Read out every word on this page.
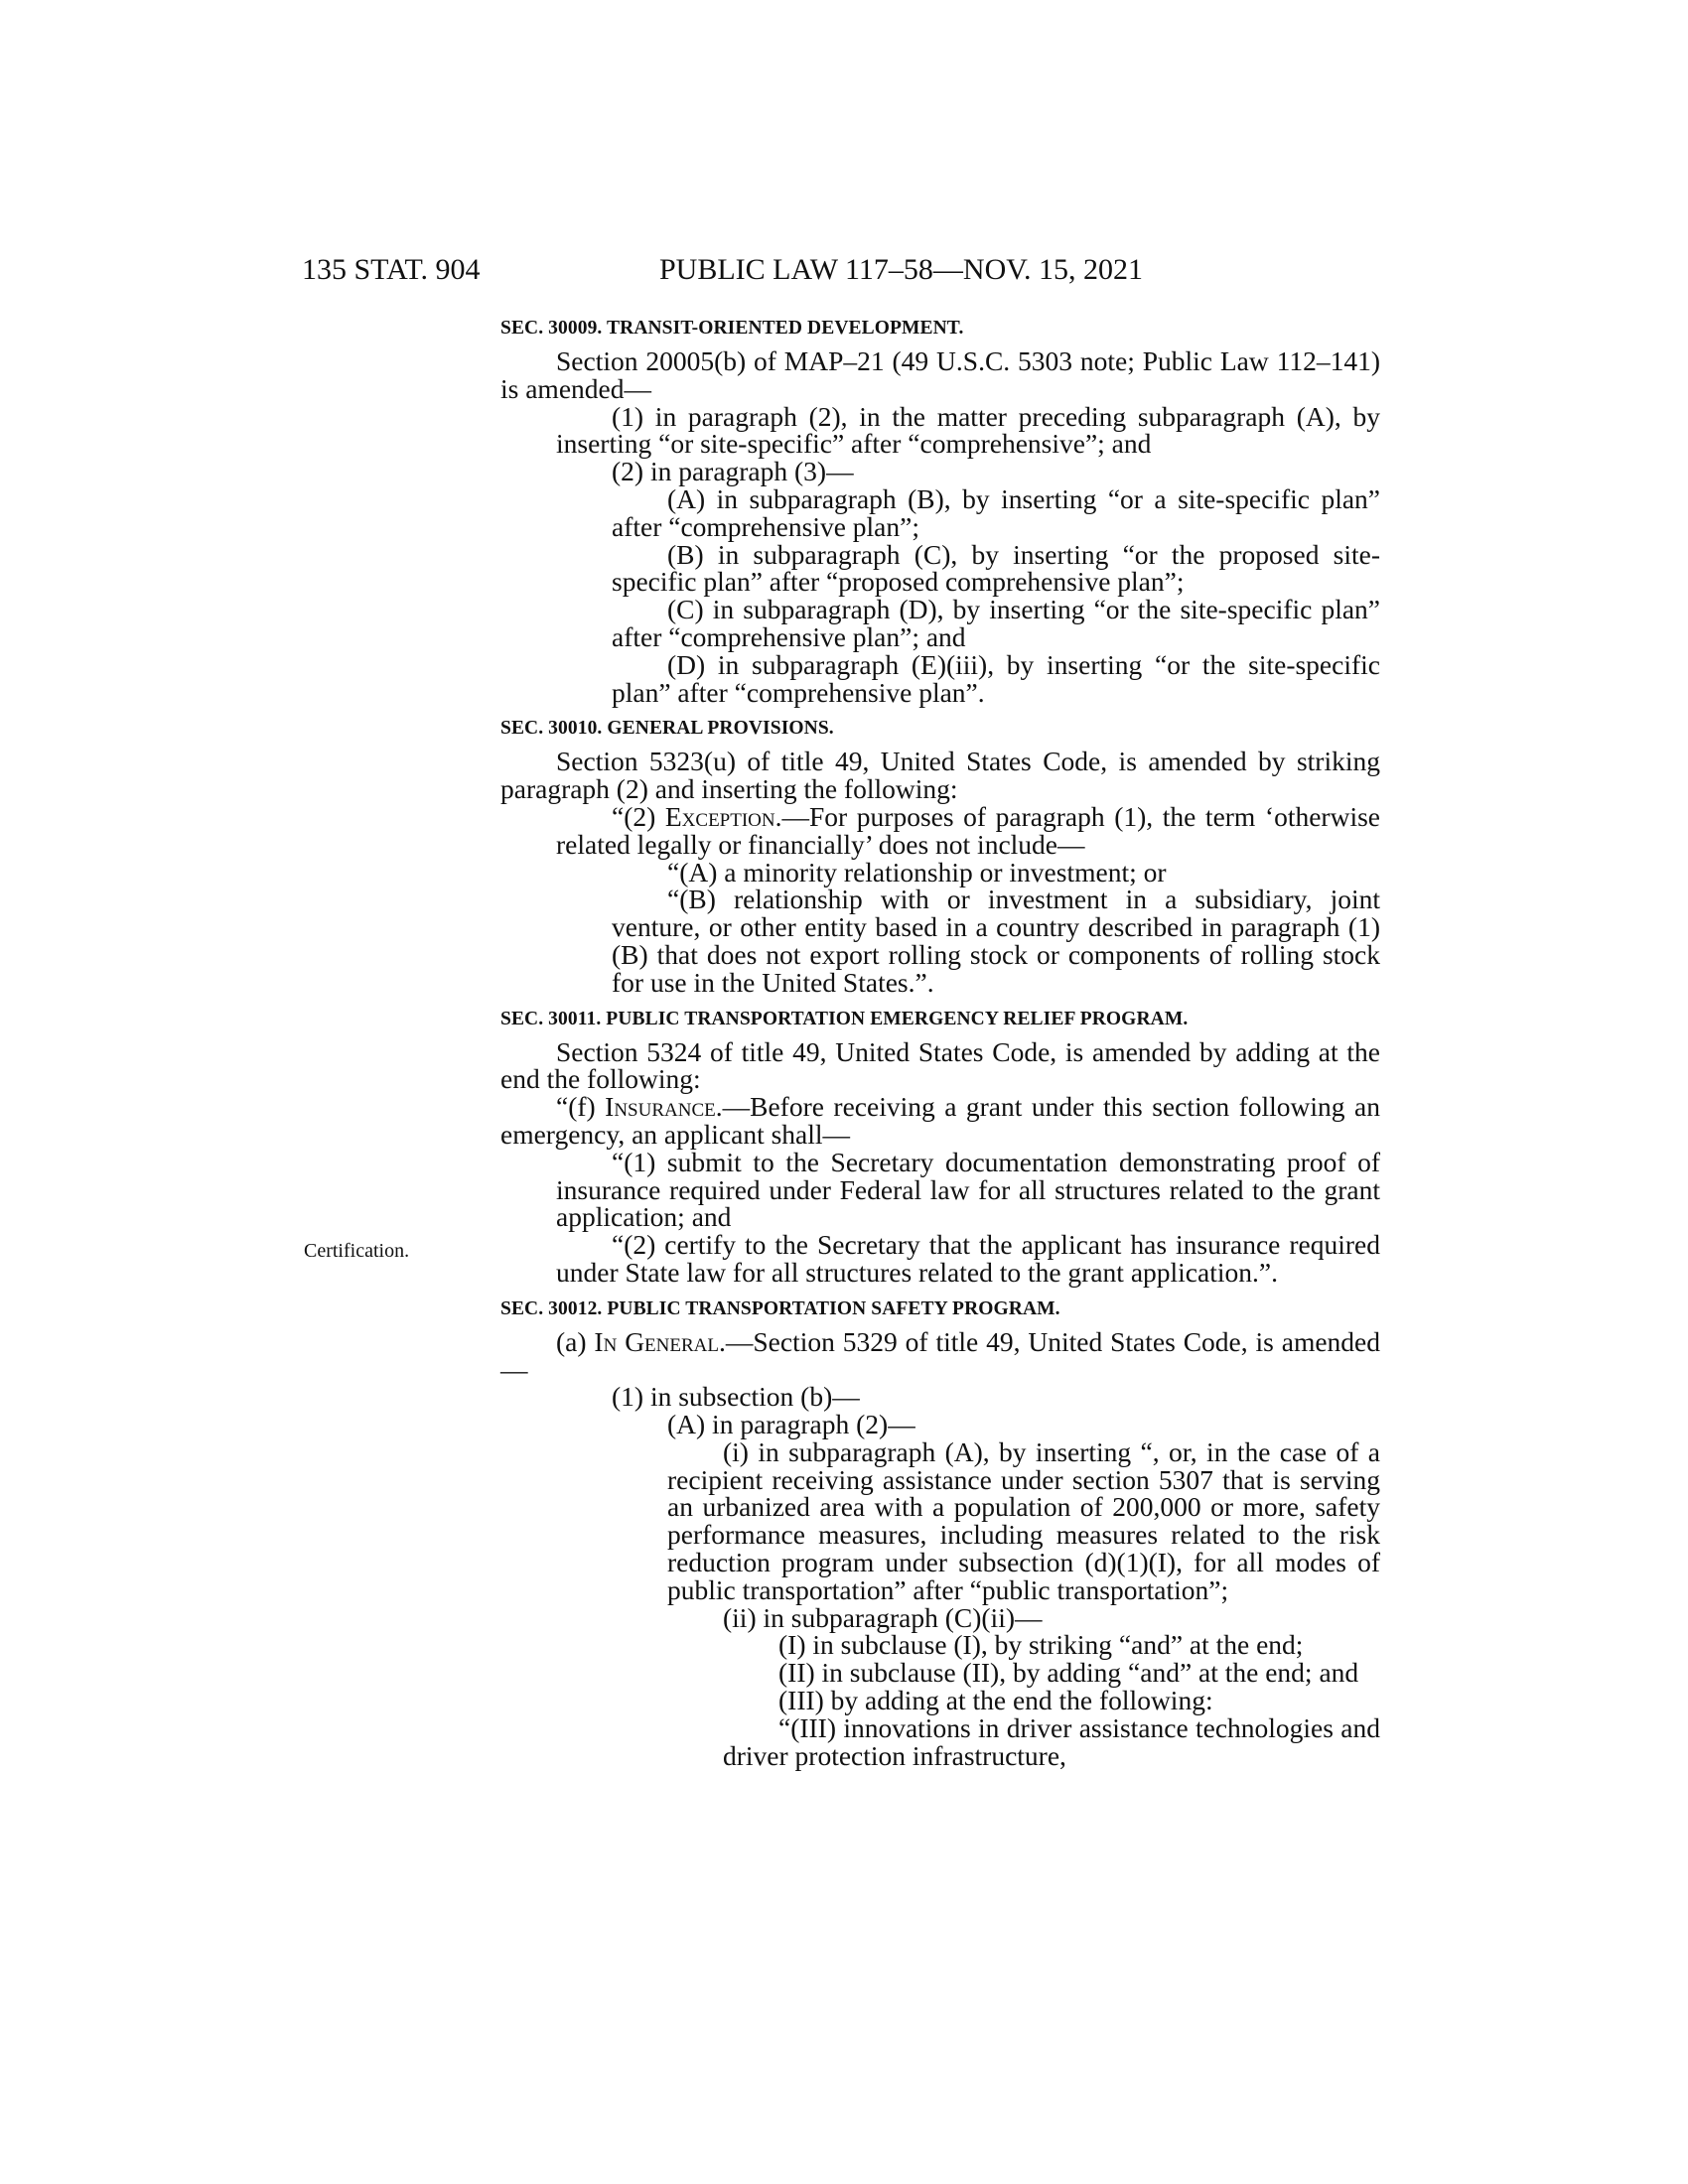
135 STAT. 904	PUBLIC LAW 117–58—NOV. 15, 2021
Certification.
SEC. 30009. TRANSIT-ORIENTED DEVELOPMENT.

Section 20005(b) of MAP–21 (49 U.S.C. 5303 note; Public Law 112–141) is amended—

(1) in paragraph (2), in the matter preceding subparagraph (A), by inserting “or site-specific” after “comprehensive”; and

(2) in paragraph (3)—

(A) in subparagraph (B), by inserting “or a site-specific plan” after “comprehensive plan”;

(B) in subparagraph (C), by inserting “or the proposed site-specific plan” after “proposed comprehensive plan”;

(C) in subparagraph (D), by inserting “or the site-specific plan” after “comprehensive plan”; and

(D) in subparagraph (E)(iii), by inserting “or the site-specific plan” after “comprehensive plan”.

SEC. 30010. GENERAL PROVISIONS.

Section 5323(u) of title 49, United States Code, is amended by striking paragraph (2) and inserting the following:

“(2) Exception.—For purposes of paragraph (1), the term ‘otherwise related legally or financially’ does not include—

“(A) a minority relationship or investment; or

“(B) relationship with or investment in a subsidiary, joint venture, or other entity based in a country described in paragraph (1)(B) that does not export rolling stock or components of rolling stock for use in the United States.”.

SEC. 30011. PUBLIC TRANSPORTATION EMERGENCY RELIEF PROGRAM.

Section 5324 of title 49, United States Code, is amended by adding at the end the following:

“(f) Insurance.—Before receiving a grant under this section following an emergency, an applicant shall—

“(1) submit to the Secretary documentation demonstrating proof of insurance required under Federal law for all structures related to the grant application; and

“(2) certify to the Secretary that the applicant has insurance required under State law for all structures related to the grant application.”.

SEC. 30012. PUBLIC TRANSPORTATION SAFETY PROGRAM.

(a) In General.—Section 5329 of title 49, United States Code, is amended—

(1) in subsection (b)—

(A) in paragraph (2)—

(i) in subparagraph (A), by inserting “, or, in the case of a recipient receiving assistance under section 5307 that is serving an urbanized area with a population of 200,000 or more, safety performance measures, including measures related to the risk reduction program under subsection (d)(1)(I), for all modes of public transportation” after “public transportation”;

(ii) in subparagraph (C)(ii)—

(I) in subclause (I), by striking “and” at the end;

(II) in subclause (II), by adding “and” at the end; and

(III) by adding at the end the following:

“(III) innovations in driver assistance technologies and driver protection infrastructure,
